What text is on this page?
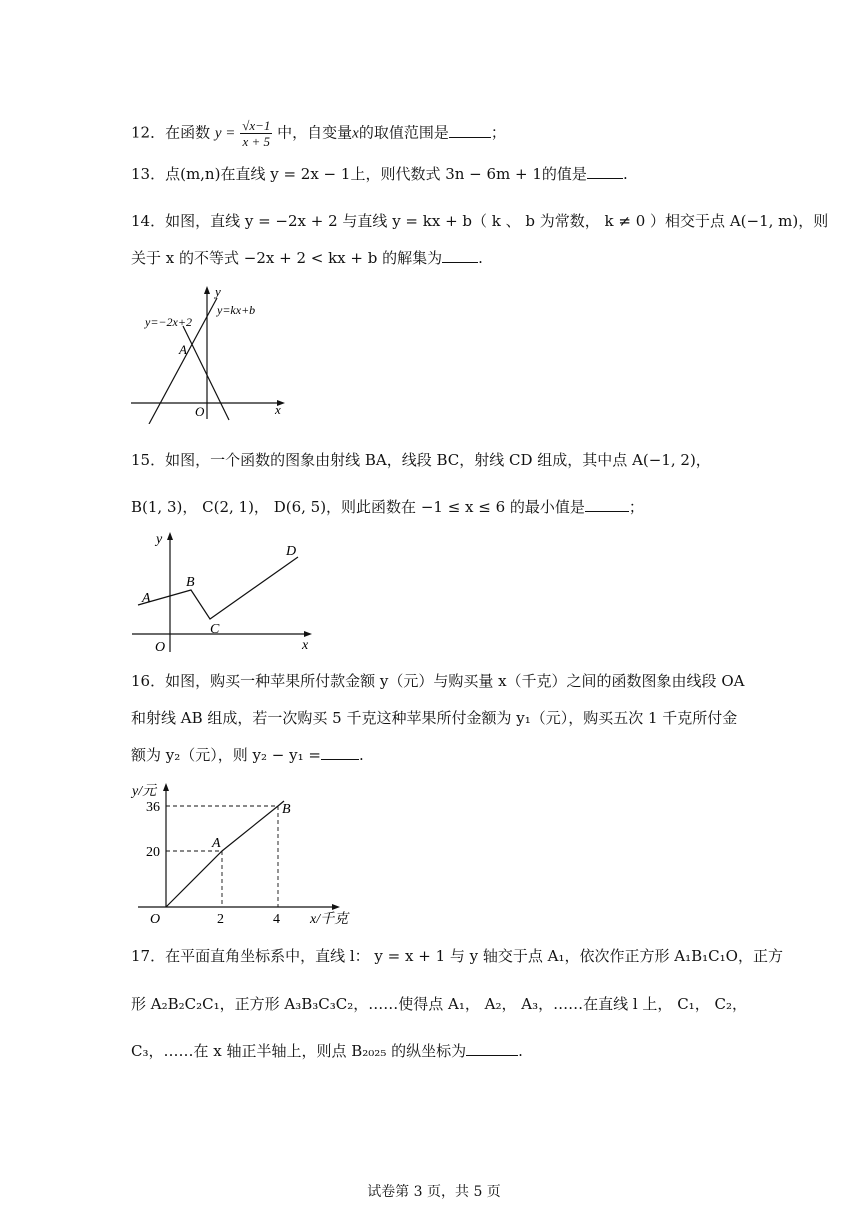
12．在函数 $y = \frac{√x-1}{x + 5}$ 中，自变量x的取值范围是	；
13．点(m,n)在直线 y = 2x − 1上，则代数式 3n − 6m + 1的值是 .
14．如图，直线 y = −2x + 2 与直线 y = kx + b（ k 、 b 为常数， k ≠ 0 ）相交于点 A(−1, m)，则
关于 x 的不等式 −2x + 2 < kx + b 的解集为 .
y
x
O
A
y=−2x+2
y=kx+b
15．如图，一个函数的图象由射线 BA，线段 BC，射线 CD 组成，其中点 A(−1, 2)，
B(1, 3)， C(2, 1)， D(6, 5)，则此函数在 −1 ≤ x ≤ 6 的最小值是	；
y
x
O
A
B
C
D
16．如图，购买一种苹果所付款金额 y（元）与购买量 x（千克）之间的函数图象由线段 OA
和射线 AB 组成，若一次购买 5 千克这种苹果所付金额为 y₁（元），购买五次 1 千克所付金
额为 y₂（元），则 y₂ − y₁ =	.
y/元
x/千克
O
A
B
36
20
2	4
17．在平面直角坐标系中，直线 l： y = x + 1 与 y 轴交于点 A₁，依次作正方形 A₁B₁C₁O，正方
形 A₂B₂C₂C₁，正方形 A₃B₃C₃C₂，……使得点 A₁， A₂， A₃，……在直线 l 上， C₁， C₂，
C₃，……在 x 轴正半轴上，则点 B₂₀₂₅ 的纵坐标为	.
试卷第 3 页，共 5 页
